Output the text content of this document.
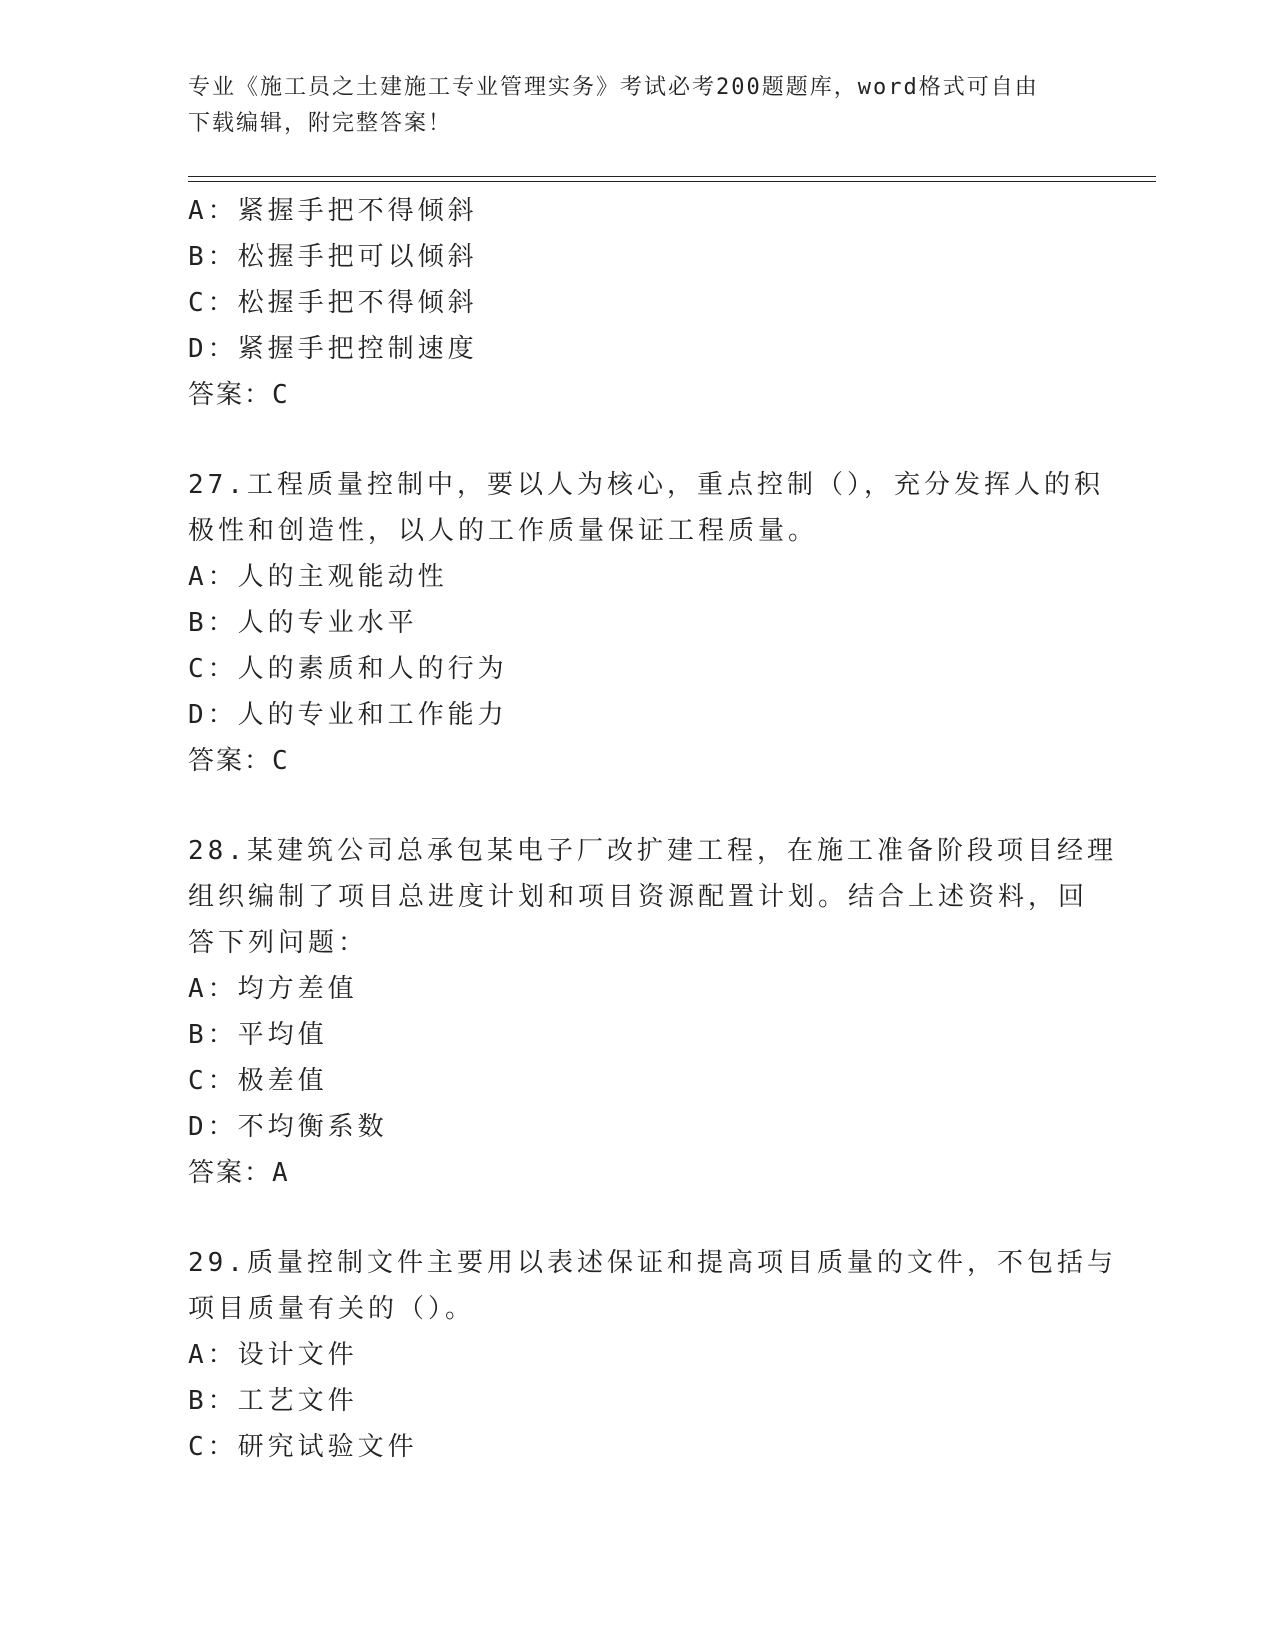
专业《施工员之土建施工专业管理实务》考试必考200题题库，word格式可自由
下载编辑，附完整答案！
A：紧握手把不得倾斜
B：松握手把可以倾斜
C：松握手把不得倾斜
D：紧握手把控制速度
答案：C
27.工程质量控制中，要以人为核心，重点控制（），充分发挥人的积
极性和创造性，以人的工作质量保证工程质量。
A：人的主观能动性
B：人的专业水平
C：人的素质和人的行为
D：人的专业和工作能力
答案：C
28.某建筑公司总承包某电子厂改扩建工程，在施工准备阶段项目经理
组织编制了项目总进度计划和项目资源配置计划。结合上述资料，回
答下列问题：
A：均方差值
B：平均值
C：极差值
D：不均衡系数
答案：A
29.质量控制文件主要用以表述保证和提高项目质量的文件，不包括与
项目质量有关的（）。
A：设计文件
B：工艺文件
C：研究试验文件
